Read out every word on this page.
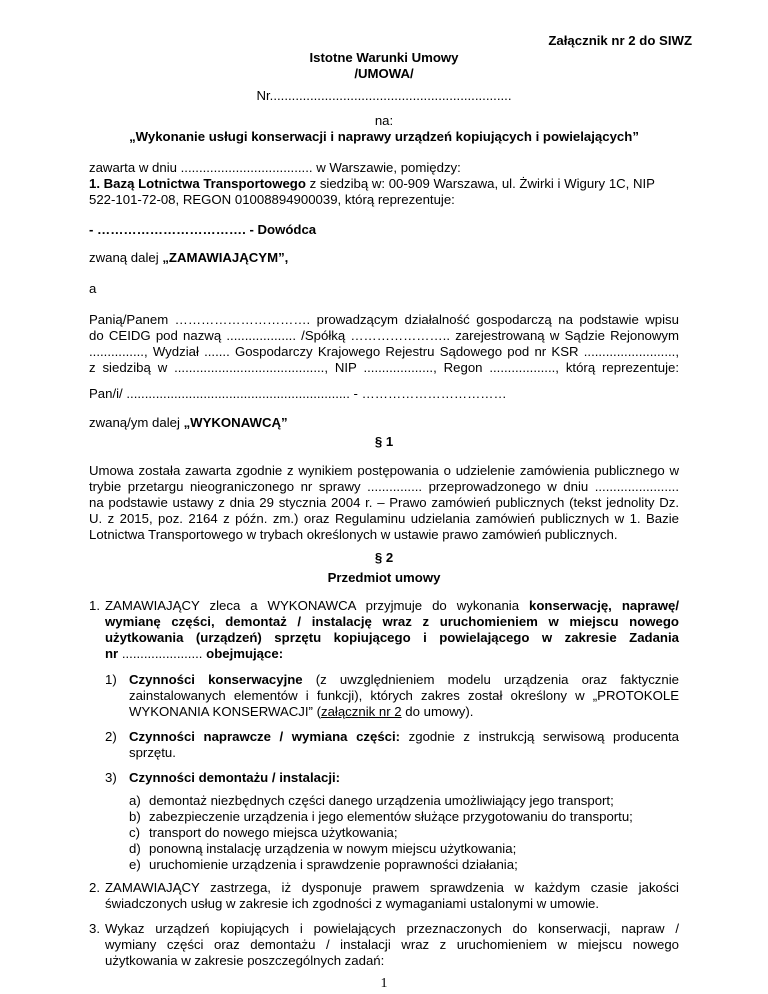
Załącznik nr 2 do SIWZ
Istotne Warunki Umowy
/UMOWA/
Nr..................................................................
na:
„Wykonanie usługi konserwacji i naprawy urządzeń kopiujących i powielających”
zawarta w dniu .................................... w Warszawie, pomiędzy:
1. Bazą Lotnictwa Transportowego z siedzibą w: 00-909 Warszawa, ul. Żwirki i Wigury 1C, NIP
522-101-72-08, REGON 01008894900039, którą reprezentuje:
- ……………………………. - Dowódca
zwaną dalej „ZAMAWIAJĄCYM”,
a
Panią/Panem …………………………. prowadzącym działalność gospodarczą na podstawie wpisu
do CEIDG pod nazwą ................... /Spółką ………………….. zarejestrowaną w Sądzie Rejonowym
..............., Wydział ....... Gospodarczy Krajowego Rejestru Sądowego pod nr KSR .........................,
z siedzibą w ........................................., NIP ..................., Regon .................., którą reprezentuje:
Pan/i/ ............................................................. - ……………………………
zwaną/ym dalej „WYKONAWCĄ”
§ 1
Umowa została zawarta zgodnie z wynikiem postępowania o udzielenie zamówienia publicznego w
trybie przetargu nieograniczonego nr sprawy ............... przeprowadzonego w dniu .......................
na podstawie ustawy z dnia 29 stycznia 2004 r. – Prawo zamówień publicznych (tekst jednolity Dz.
U. z 2015, poz. 2164 z późn. zm.) oraz Regulaminu udzielania zamówień publicznych w 1. Bazie
Lotnictwa Transportowego w trybach określonych w ustawie prawo zamówień publicznych.
§ 2
Przedmiot umowy
1. ZAMAWIAJĄCY zleca a WYKONAWCA przyjmuje do wykonania konserwację, naprawę/
wymianę części, demontaż / instalację wraz z uruchomieniem w miejscu nowego
użytkowania (urządzeń) sprzętu kopiującego i powielającego w zakresie Zadania
nr ...................... obejmujące:
1) Czynności konserwacyjne (z uwzględnieniem modelu urządzenia oraz faktycznie
zainstalowanych elementów i funkcji), których zakres został określony w „PROTOKOLE
WYKONANIA KONSERWACJI” (załącznik nr 2 do umowy).
2) Czynności naprawcze / wymiana części: zgodnie z instrukcją serwisową producenta
sprzętu.
3) Czynności demontażu / instalacji:
a) demontaż niezbędnych części danego urządzenia umożliwiający jego transport;
b) zabezpieczenie urządzenia i jego elementów służące przygotowaniu do transportu;
c) transport do nowego miejsca użytkowania;
d) ponowną instalację urządzenia w nowym miejscu użytkowania;
e) uruchomienie urządzenia i sprawdzenie poprawności działania;
2. ZAMAWIAJĄCY zastrzega, iż dysponuje prawem sprawdzenia w każdym czasie jakości
świadczonych usług w zakresie ich zgodności z wymaganiami ustalonymi w umowie.
3. Wykaz urządzeń kopiujących i powielających przeznaczonych do konserwacji, napraw /
wymiany części oraz demontażu / instalacji wraz z uruchomieniem w miejscu nowego
użytkowania w zakresie poszczególnych zadań:
1
